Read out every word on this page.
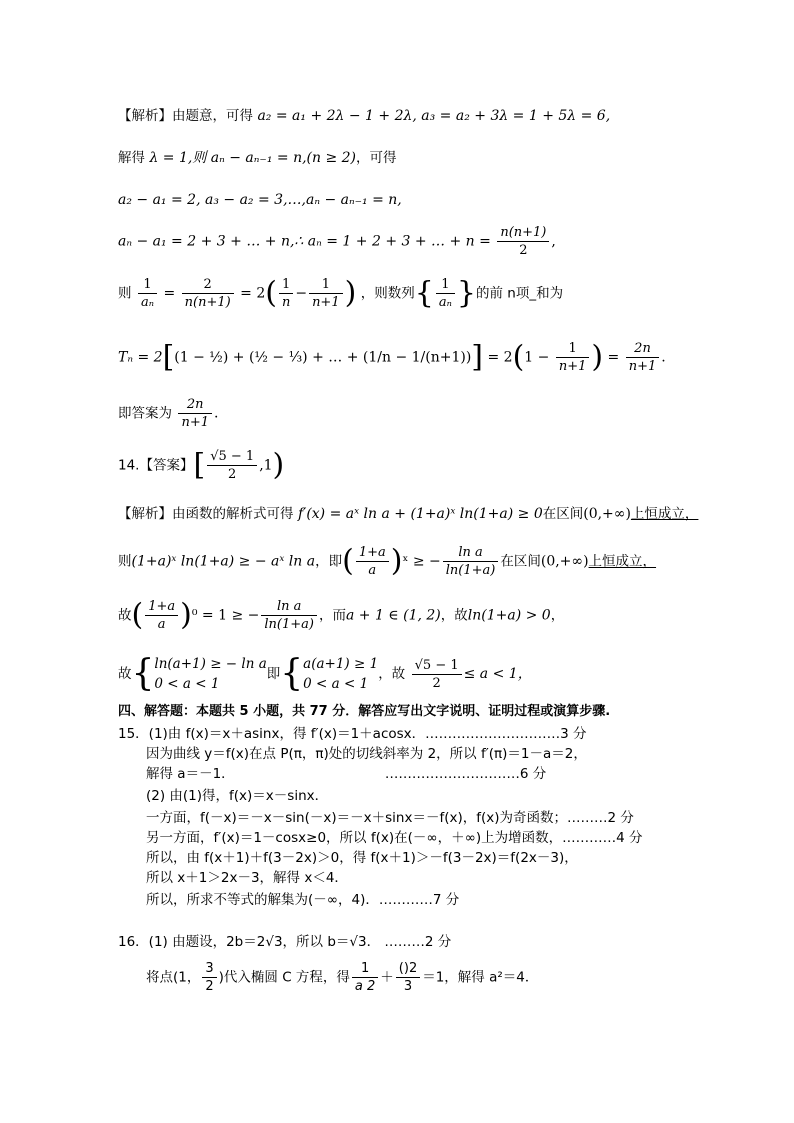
【解析】由题意，可得 a₂ = a₁ + 2λ − 1 + 2λ, a₃ = a₂ + 3λ = 1 + 5λ = 6,
解得 λ = 1,则 aₙ − aₙ₋₁ = n,(n ≥ 2)，可得
a₂ − a₁ = 2, a₃ − a₂ = 3,…,aₙ − aₙ₋₁ = n,
aₙ − a₁ = 2 + 3 + … + n,∴ aₙ = 1 + 2 + 3 + … + $n = \frac{n(n+1)}{2}$ ,
则 $\frac{1}{\text{aₙ}} = \frac{2}{n(n+1)} = 2( \frac{1}{n} - \frac{1}{n+1}$ ) ，则数列{ $\frac{1}{\text{aₙ}}$ }的前 n项_和为
Tₙ = 2[(1 − ½) + (½ − ⅓) + … + $(1/n - 1/(n+1))] = 2(1 - \frac{1}{n+1}$ ) = $\frac{2n}{n+1}$ .
即答案为 $\frac{2n}{n+1}$ .
14.【答案】[ $\frac{√5 - 1}{2} ,1$)
【解析】由函数的解析式可得 f′(x) = aˣ ln a + (1+a)ˣ ln(1+a) ≥ 0在区间(0,+∞)上恒成立，
则(1+a)ˣ ln(1+a) ≥ − aˣ ln a，即( $\frac{1+a}{a}$ )ˣ ≥ − $\frac{\text{ln a}}{\ln(1+a)}$ 在区间(0,+∞)上恒成立，
故( $\frac{1+a}{a} )^0 = 1$ ≥ − $\frac{\text{ln a}}{\ln(1+a)}$ ，而a + 1 ∈ (1, 2)，故ln(1+a) > 0，
故{ ln(a+1) ≥ − ln a
0 < a < 1
即{ a(a+1) ≥ 1
0 < a < 1
，故 $\frac{√5 - 1}{2} \le a < 1$，
四、解答题：本题共 5 小题，共 77 分．解答应写出文字说明、证明过程或演算步骤.
15．(1)由 f(x)＝x＋asinx，得 f′(x)＝1＋acosx．…………………………3 分
因为曲线 y＝f(x)在点 P(π，π)处的切线斜率为 2，所以 f′(π)＝1－a＝2，
解得 a＝－1．                                   …………………………6 分
(2) 由(1)得，f(x)＝x－sinx．
一方面，f(－x)＝－x－sin(－x)＝－x＋sinx＝－f(x)，f(x)为奇函数；………2 分
另一方面，f′(x)＝1－cosx≥0，所以 f(x)在(－∞，＋∞)上为增函数，…………4 分
所以，由 f(x＋1)＋f(3－2x)＞0，得 f(x＋1)＞－f(3－2x)＝f(2x－3)，
所以 x＋1＞2x－3，解得 x＜4．
所以，所求不等式的解集为(－∞，4)．…………7 分
16．(1) 由题设，2b＝2√3，所以 b＝√3． ………2 分
将点(1， $\frac{3}{2}$ )代入椭圆 C 方程，得 $\frac{1}{a 2} + \frac{()2}{3} =1$，解得 a²＝4．
